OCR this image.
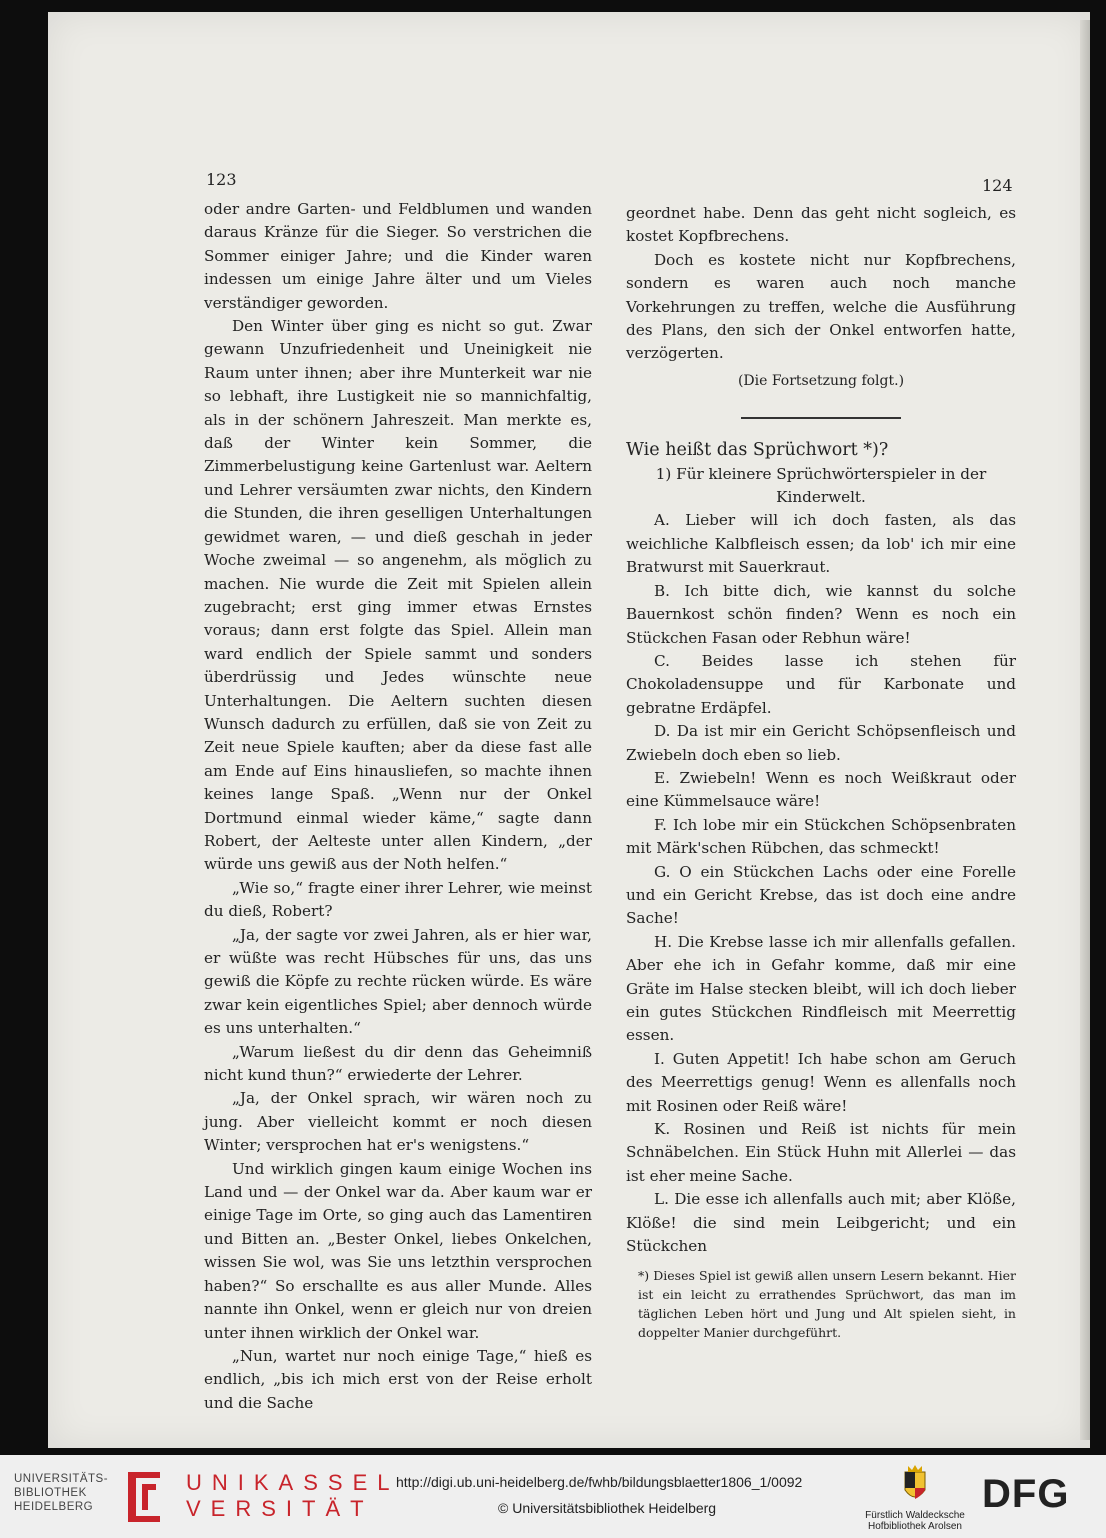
123	124

oder andre Garten- und Feldblumen und wanden daraus Kränze für die Sieger. So verstrichen die Sommer einiger Jahre; und die Kinder waren indessen um einige Jahre älter und um Vieles verständiger geworden.

Den Winter über ging es nicht so gut. Zwar gewann Unzufriedenheit und Uneinigkeit nie Raum unter ihnen; aber ihre Munterkeit war nie so lebhaft, ihre Lustigkeit nie so mannichfaltig, als in der schönern Jahreszeit. Man merkte es, daß der Winter kein Sommer, die Zimmerbelustigung keine Gartenlust war. Aeltern und Lehrer versäumten zwar nichts, den Kindern die Stunden, die ihren geselligen Unterhaltungen gewidmet waren, — und dieß geschah in jeder Woche zweimal — so angenehm, als möglich zu machen. Nie wurde die Zeit mit Spielen allein zugebracht; erst ging immer etwas Ernstes voraus; dann erst folgte das Spiel. Allein man ward endlich der Spiele sammt und sonders überdrüssig und Jedes wünschte neue Unterhaltungen. Die Aeltern suchten diesen Wunsch dadurch zu erfüllen, daß sie von Zeit zu Zeit neue Spiele kauften; aber da diese fast alle am Ende auf Eins hinausliefen, so machte ihnen keines lange Spaß. „Wenn nur der Onkel Dortmund einmal wieder käme,“ sagte dann Robert, der Aelteste unter allen Kindern, „der würde uns gewiß aus der Noth helfen.“

„Wie so,“ fragte einer ihrer Lehrer, wie meinst du dieß, Robert?

„Ja, der sagte vor zwei Jahren, als er hier war, er wüßte was recht Hübsches für uns, das uns gewiß die Köpfe zu rechte rücken würde. Es wäre zwar kein eigentliches Spiel; aber dennoch würde es uns unterhalten.“

„Warum ließest du dir denn das Geheimniß nicht kund thun?“ erwiederte der Lehrer.

„Ja, der Onkel sprach, wir wären noch zu jung. Aber vielleicht kommt er noch diesen Winter; versprochen hat er's wenigstens.“

Und wirklich gingen kaum einige Wochen ins Land und — der Onkel war da. Aber kaum war er einige Tage im Orte, so ging auch das Lamentiren und Bitten an. „Bester Onkel, liebes Onkelchen, wissen Sie wol, was Sie uns letzthin versprochen haben?“ So erschallte es aus aller Munde. Alles nannte ihn Onkel, wenn er gleich nur von dreien unter ihnen wirklich der Onkel war.

„Nun, wartet nur noch einige Tage,“ hieß es endlich, „bis ich mich erst von der Reise erholt und die Sache

geordnet habe. Denn das geht nicht sogleich, es kostet Kopfbrechens.

Doch es kostete nicht nur Kopfbrechens, sondern es waren auch noch manche Vorkehrungen zu treffen, welche die Ausführung des Plans, den sich der Onkel entworfen hatte, verzögerten.

(Die Fortsetzung folgt.)

Wie heißt das Sprüchwort *)?

1) Für kleinere Sprüchwörterspieler in der Kinderwelt.

A. Lieber will ich doch fasten, als das weichliche Kalbfleisch essen; da lob' ich mir eine Bratwurst mit Sauerkraut.

B. Ich bitte dich, wie kannst du solche Bauernkost schön finden? Wenn es noch ein Stückchen Fasan oder Rebhun wäre!

C. Beides lasse ich stehen für Chokoladensuppe und für Karbonate und gebratne Erdäpfel.

D. Da ist mir ein Gericht Schöpsenfleisch und Zwiebeln doch eben so lieb.

E. Zwiebeln! Wenn es noch Weißkraut oder eine Kümmelsauce wäre!

F. Ich lobe mir ein Stückchen Schöpsenbraten mit Märk'schen Rübchen, das schmeckt!

G. O ein Stückchen Lachs oder eine Forelle und ein Gericht Krebse, das ist doch eine andre Sache!

H. Die Krebse lasse ich mir allenfalls gefallen. Aber ehe ich in Gefahr komme, daß mir eine Gräte im Halse stecken bleibt, will ich doch lieber ein gutes Stückchen Rindfleisch mit Meerrettig essen.

I. Guten Appetit! Ich habe schon am Geruch des Meerrettigs genug! Wenn es allenfalls noch mit Rosinen oder Reiß wäre!

K. Rosinen und Reiß ist nichts für mein Schnäbelchen. Ein Stück Huhn mit Allerlei — das ist eher meine Sache.

L. Die esse ich allenfalls auch mit; aber Klöße, Klöße! die sind mein Leibgericht; und ein Stückchen

*) Dieses Spiel ist gewiß allen unsern Lesern bekannt. Hier ist ein leicht zu errathendes Sprüchwort, das man im täglichen Leben hört und Jung und Alt spielen sieht, in doppelter Manier durchgeführt.

UNIVERSITÄTS-
BIBLIOTHEK
HEIDELBERG
UNIKASSEL
VERSITÄT
http://digi.ub.uni-heidelberg.de/fwhb/bildungsblaetter1806_1/0092
© Universitätsbibliothek Heidelberg	Fürstlich Waldecksche
Hofbibliothek Arolsen
DFG
